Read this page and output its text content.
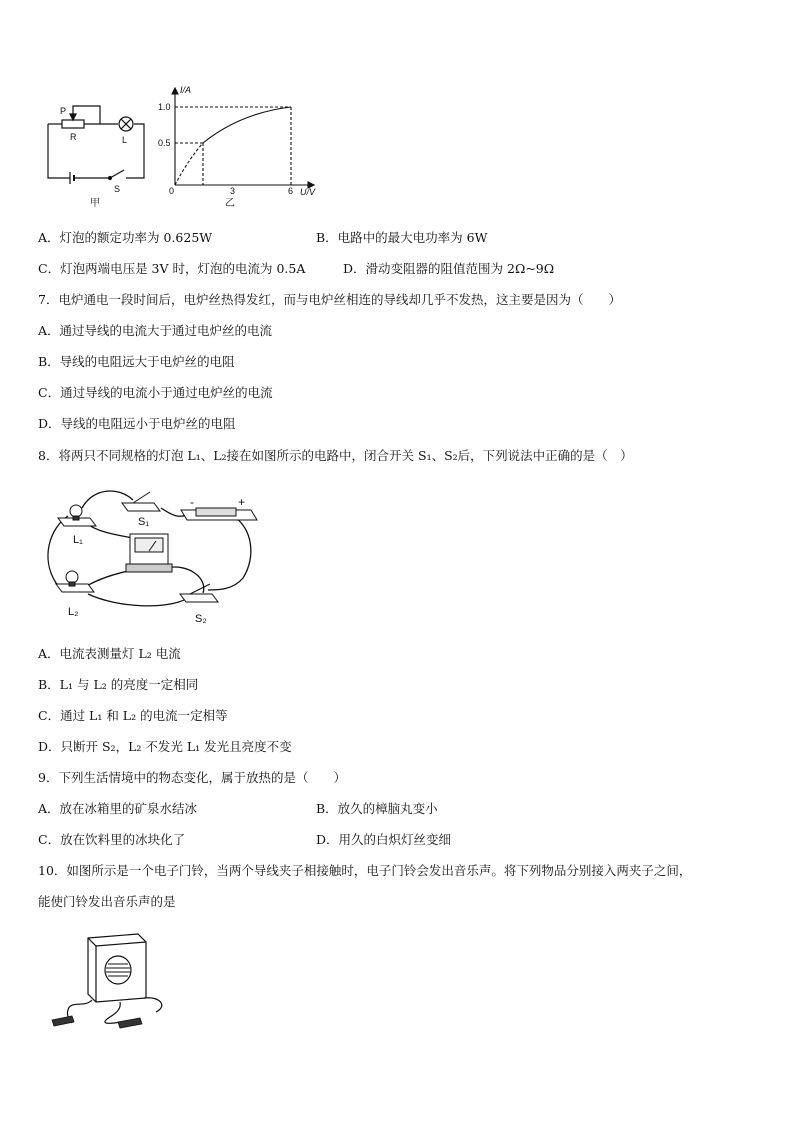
P
R	L
S
甲
I/A
U/V
1.0
0.5
0	3	6
乙
A．灯泡的额定功率为 0.625W	B．电路中的最大电功率为 6W
C．灯泡两端电压是 3V 时，灯泡的电流为 0.5A	D．滑动变阻器的阻值范围为 2Ω~9Ω
7．电炉通电一段时间后，电炉丝热得发红，而与电炉丝相连的导线却几乎不发热，这主要是因为（　　）
A．通过导线的电流大于通过电炉丝的电流
B．导线的电阻远大于电炉丝的电阻
C．通过导线的电流小于通过电炉丝的电流
D．导线的电阻远小于电炉丝的电阻
8．将两只不同规格的灯泡 L₁、L₂接在如图所示的电路中，闭合开关 S₁、S₂后，下列说法中正确的是（　）
L₁
S₁
L₂
S₂
-	+
A．电流表测量灯 L₂ 电流
B．L₁ 与 L₂ 的亮度一定相同
C．通过 L₁ 和 L₂ 的电流一定相等
D．只断开 S₂，L₂ 不发光 L₁ 发光且亮度不变
9．下列生活情境中的物态变化，属于放热的是（　　）
A．放在冰箱里的矿泉水结冰	B．放久的樟脑丸变小
C．放在饮料里的冰块化了	D．用久的白炽灯丝变细
10．如图所示是一个电子门铃，当两个导线夹子相接触时，电子门铃会发出音乐声。将下列物品分别接入两夹子之间，
能使门铃发出音乐声的是
